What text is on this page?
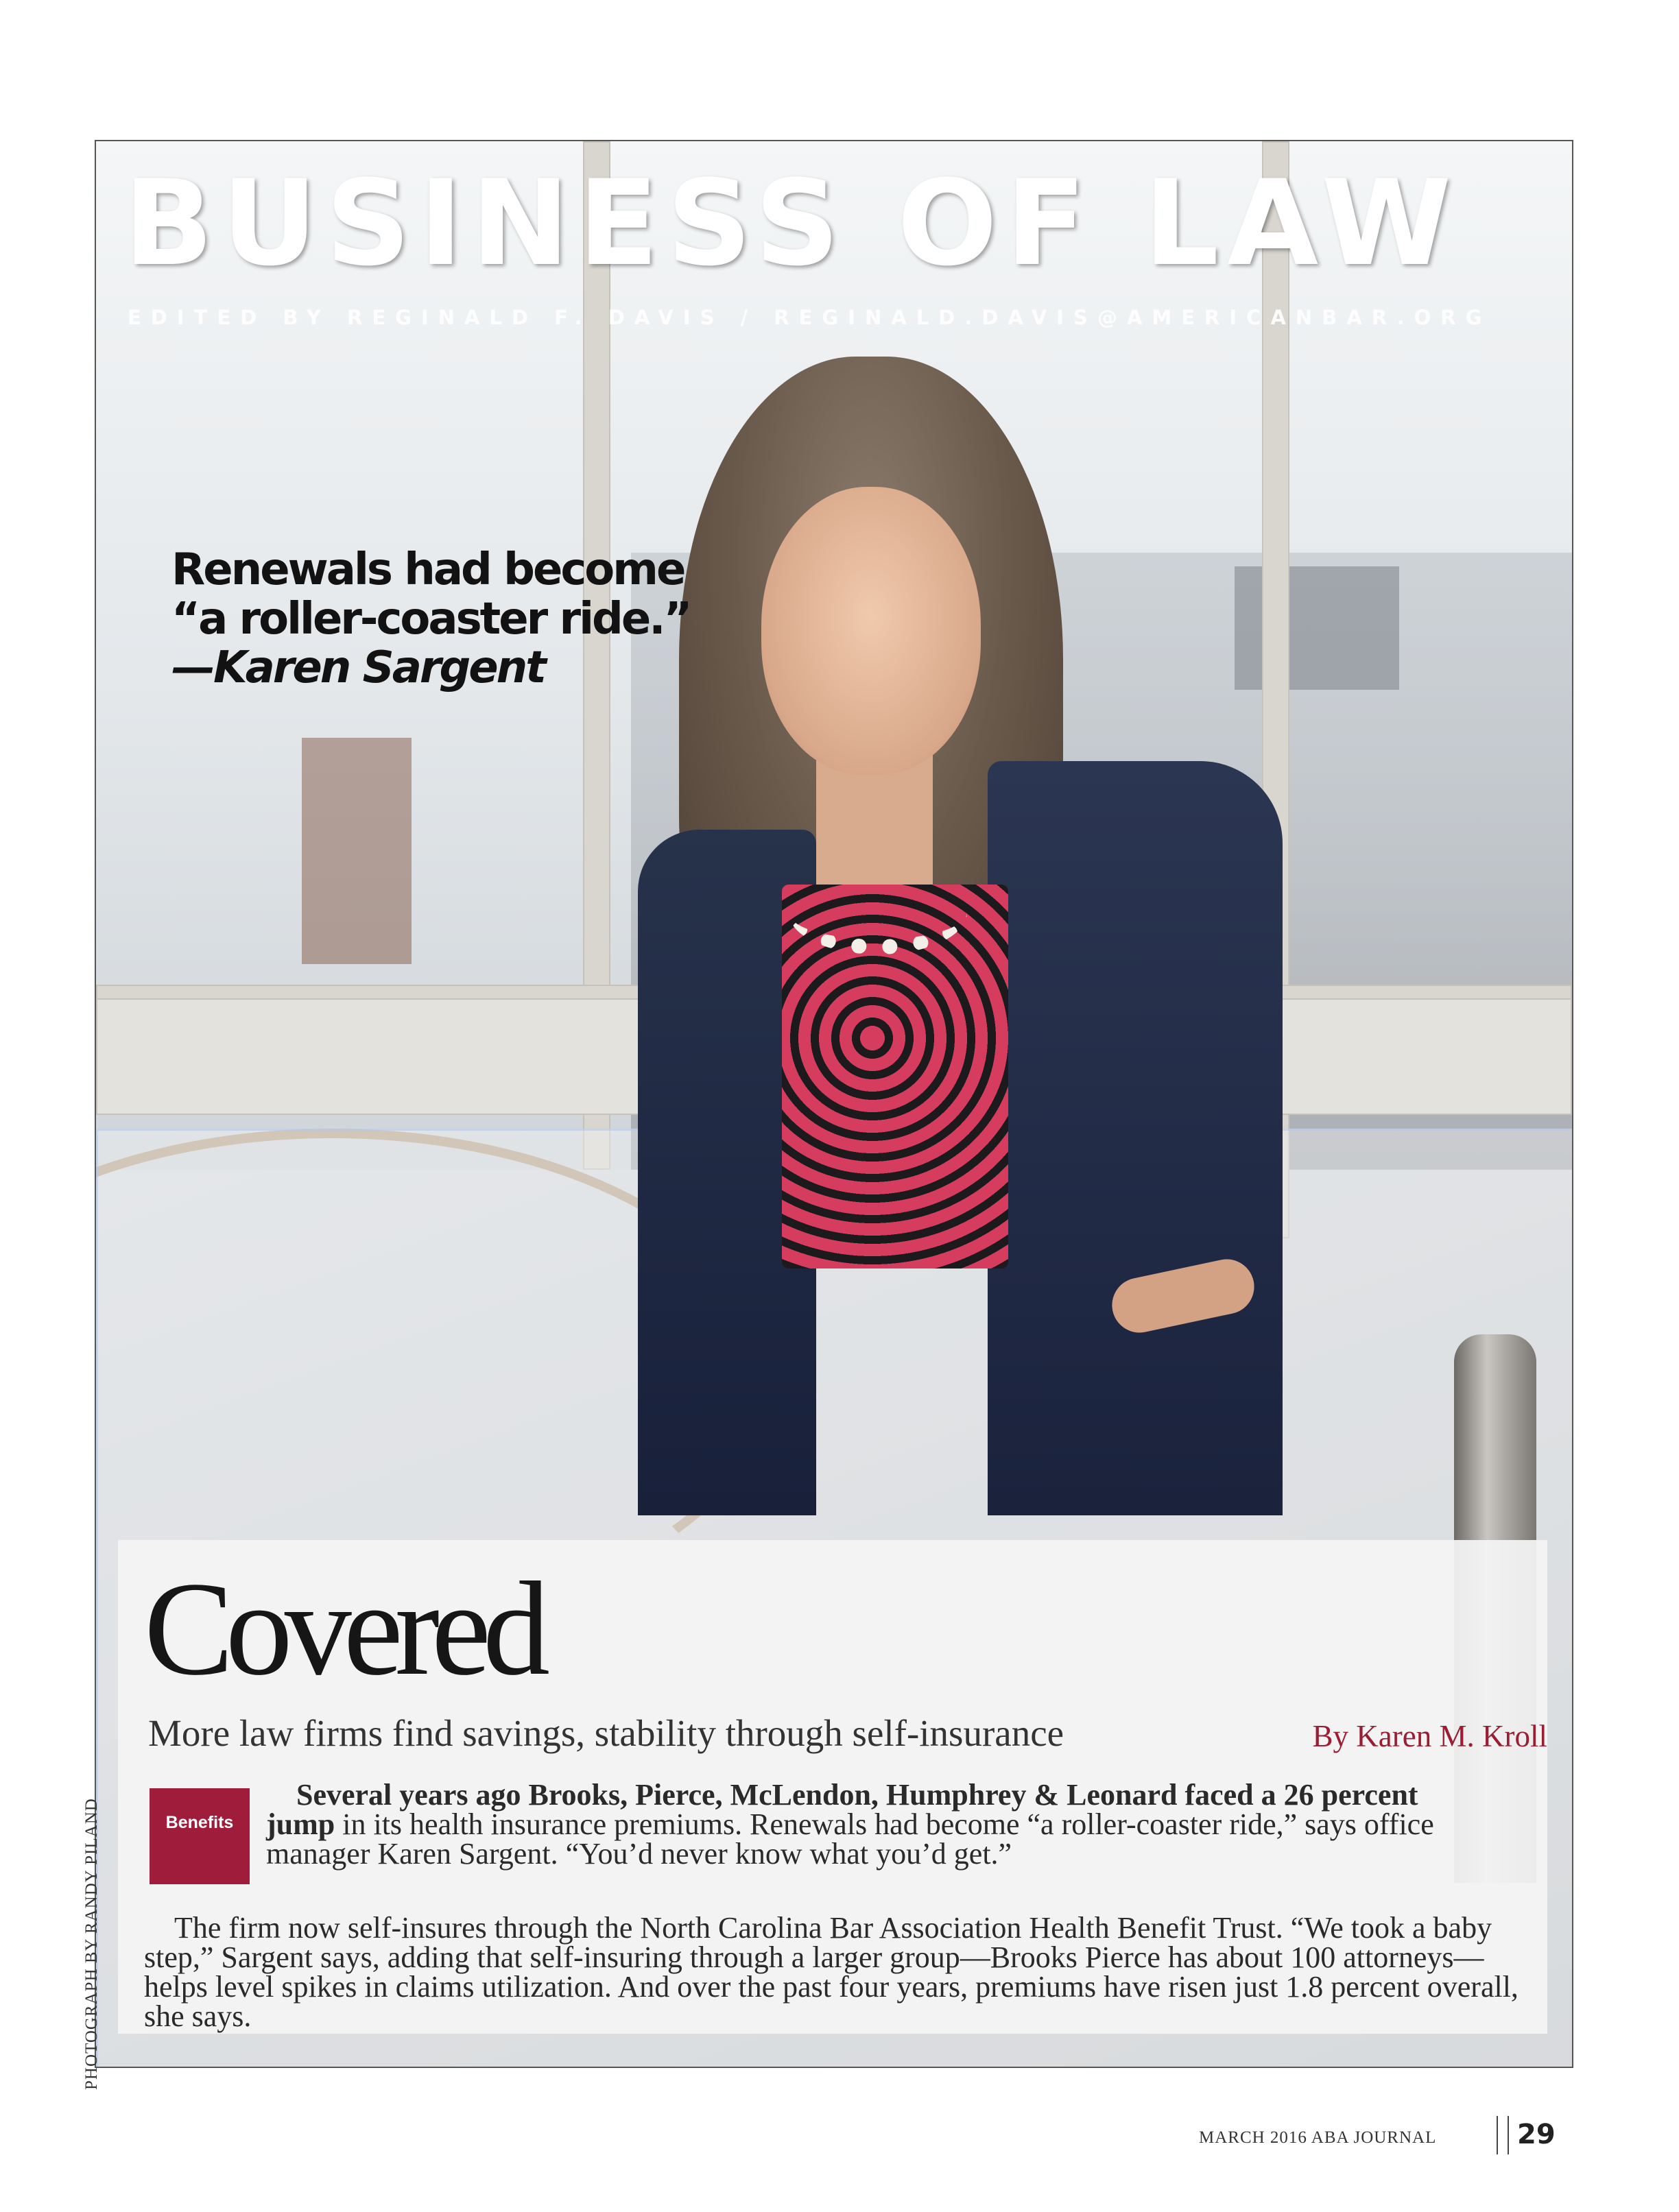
BUSINESS OF LAW

EDITED BY REGINALD F. DAVIS / REGINALD.DAVIS@AMERICANBAR.ORG

Renewals had become
“a roller-coaster ride.”
—Karen Sargent
Covered

More law firms find savings, stability through self-insurance	By Karen M. Kroll

Benefits
 Several years ago Brooks, Pierce, McLendon, Humphrey & Leonard faced a 26 percent jump in its health insurance premiums. Renewals had become “a roller-coaster ride,” says office manager Karen Sargent. “You’d never know what you’d get.”
 The firm now self-insures through the North Carolina Bar Association Health Benefit Trust. “We took a baby step,” Sargent says, adding that self-insuring through a larger group—Brooks Pierce has about 100 attorneys—helps level spikes in claims utilization. And over the past four years, premiums have risen just 1.8 percent overall, she says.
PHOTOGRAPH BY RANDY PILAND
MARCH 2016 ABA JOURNAL	29
